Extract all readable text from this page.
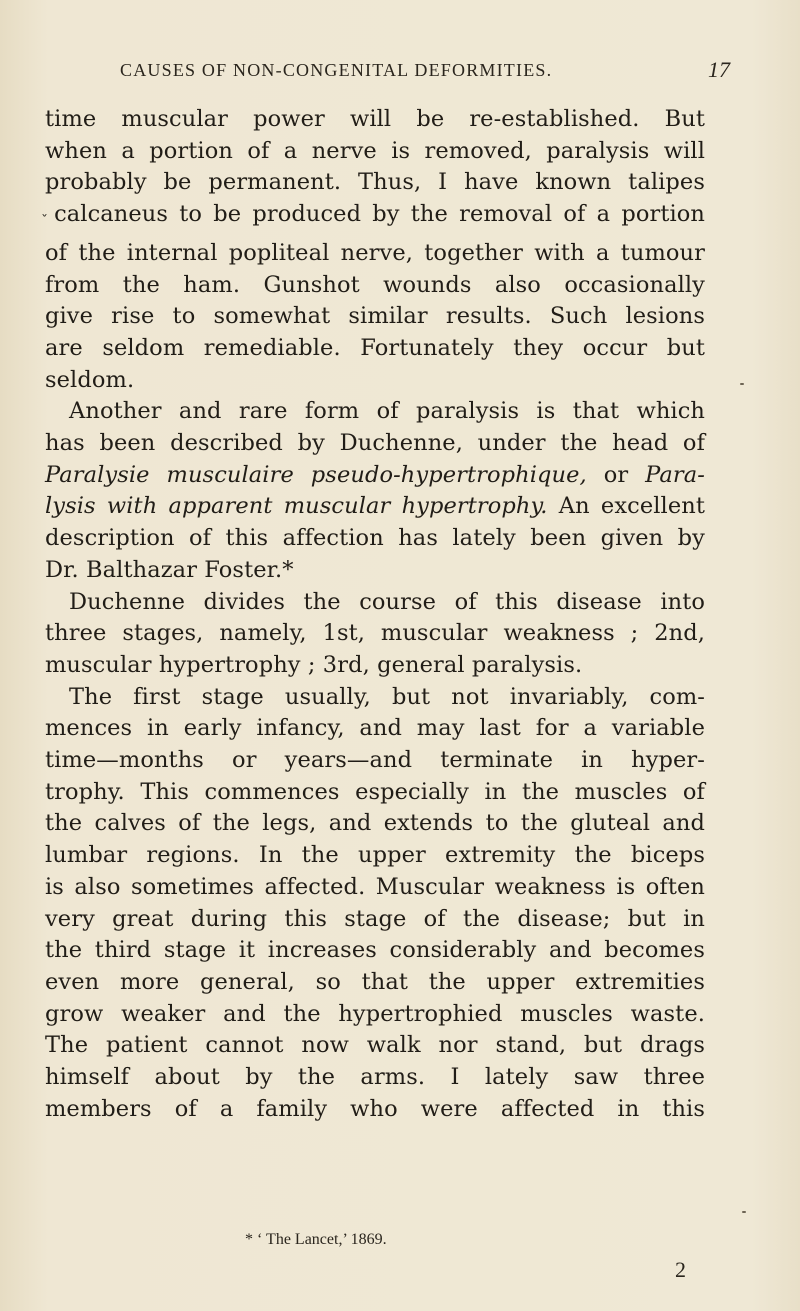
CAUSES OF NON-CONGENITAL DEFORMITIES.	17
time muscular power will be re-established. But
when a portion of a nerve is removed, paralysis will
probably be permanent. Thus, I have known talipes
ˇcalcaneus to be produced by the removal of a portion
of the internal popliteal nerve, together with a tumour
from the ham. Gunshot wounds also occasionally
give rise to somewhat similar results. Such lesions
are seldom remediable. Fortunately they occur but
seldom.
Another and rare form of paralysis is that which
has been described by Duchenne, under the head of
Paralysie musculaire pseudo-hypertrophique, or Para-
lysis with apparent muscular hypertrophy. An excellent
description of this affection has lately been given by
Dr. Balthazar Foster.*
Duchenne divides the course of this disease into
three stages, namely, 1st, muscular weakness ; 2nd,
muscular hypertrophy ; 3rd, general paralysis.
The first stage usually, but not invariably, com-
mences in early infancy, and may last for a variable
time—months or years—and terminate in hyper-
trophy. This commences especially in the muscles of
the calves of the legs, and extends to the gluteal and
lumbar regions. In the upper extremity the biceps
is also sometimes affected. Muscular weakness is often
very great during this stage of the disease; but in
the third stage it increases considerably and becomes
even more general, so that the upper extremities
grow weaker and the hypertrophied muscles waste.
The patient cannot now walk nor stand, but drags
himself about by the arms. I lately saw three
members of a family who were affected in this
* ‘ The Lancet,’ 1869.
2
